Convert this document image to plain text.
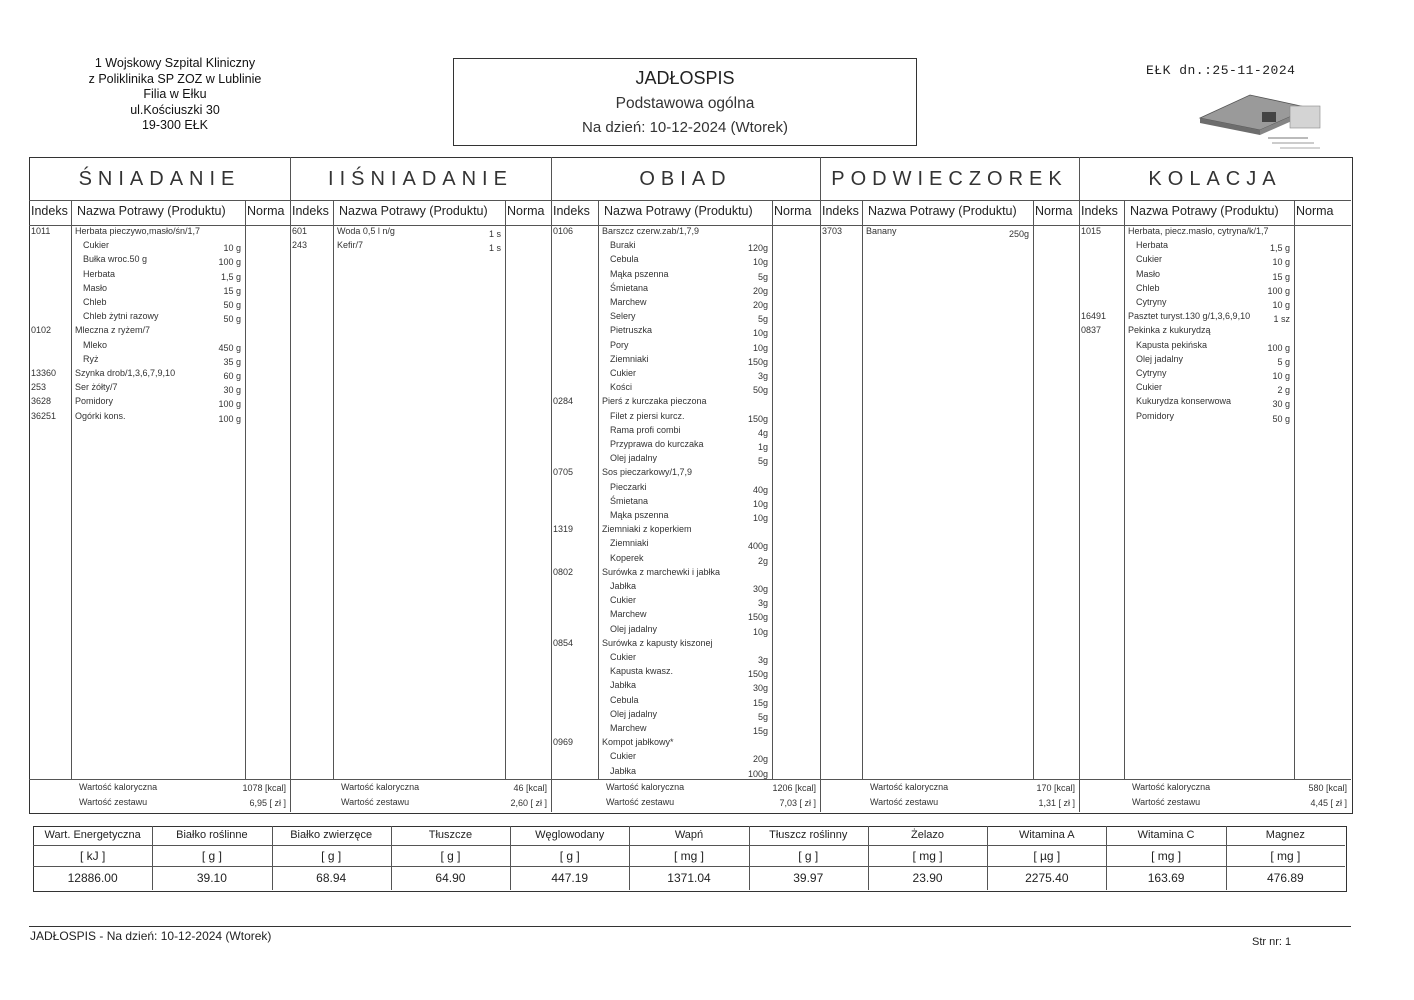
1 Wojskowy Szpital Kliniczny
z Poliklinika SP ZOZ w Lublinie
Filia w Ełku
ul.Kościuszki 30
19-300 EŁK
JADŁOSPIS
Podstawowa ogólna
Na dzień: 10-12-2024 (Wtorek)
EŁK dn.:25-11-2024
ŚNIADANIE
Indeks Nazwa Potrawy (Produktu) Norma
1011	Herbata pieczywo,masło/śn/1,7
Cukier	10 g
Bułka wroc.50 g	100 g
Herbata	1,5 g
Masło	15 g
Chleb	50 g
Chleb żytni razowy	50 g
0102	Mleczna z ryżem/7
Mleko	450 g
Ryż	35 g
13360 Szynka drob/1,3,6,7,9,10	60 g
253	Ser żółty/7	30 g
3628	Pomidory	100 g
36251 Ogórki kons.	100 g
Wartość kaloryczna	1078 [kcal]
Wartość zestawu	6,95 [ zł ]
IIŚNIADANIE
Indeks Nazwa Potrawy (Produktu) Norma
601	Woda 0,5 l n/g	1 s
243	Kefir/7	1 s
Wartość kaloryczna	46 [kcal]
Wartość zestawu	2,60 [ zł ]
OBIAD
Indeks Nazwa Potrawy (Produktu) Norma
0106	Barszcz czerw.zab/1,7,9
Buraki	120g
Cebula	10g
Mąka pszenna	5g
Śmietana	20g
Marchew	20g
Selery	5g
Pietruszka	10g
Pory	10g
Ziemniaki	150g
Cukier	3g
Kości	50g
0284	Pierś z kurczaka pieczona
Filet z piersi kurcz.	150g
Rama profi combi	4g
Przyprawa do kurczaka	1g
Olej jadalny	5g
0705	Sos pieczarkowy/1,7,9
Pieczarki	40g
Śmietana	10g
Mąka pszenna	10g
1319	Ziemniaki z koperkiem
Ziemniaki	400g
Koperek	2g
0802	Surówka z marchewki i jabłka
Jabłka	30g
Cukier	3g
Marchew	150g
Olej jadalny	10g
0854	Surówka z kapusty kiszonej
Cukier	3g
Kapusta kwasz.	150g
Jabłka	30g
Cebula	15g
Olej jadalny	5g
Marchew	15g
0969	Kompot jabłkowy*
Cukier	20g
Jabłka	100g
Wartość kaloryczna	1206 [kcal]
Wartość zestawu	7,03 [ zł ]
PODWIECZOREK
Indeks Nazwa Potrawy (Produktu) Norma
3703	Banany	250g
Wartość kaloryczna	170 [kcal]
Wartość zestawu	1,31 [ zł ]
KOLACJA
Indeks Nazwa Potrawy (Produktu) Norma
1015	Herbata, piecz.masło, cytryna/k/1,7
Herbata	1,5 g
Cukier	10 g
Masło	15 g
Chleb	100 g
Cytryny	10 g
16491 Pasztet turyst.130 g/1,3,6,9,10	1 sz
0837	Pekinka z kukurydzą
Kapusta pekińska	100 g
Olej jadalny	5 g
Cytryny	10 g
Cukier	2 g
Kukurydza konserwowa	30 g
Pomidory	50 g
Wartość kaloryczna	580 [kcal]
Wartość zestawu	4,45 [ zł ]
Wart. Energetyczna
[ kJ ]
12886.00
Białko roślinne
[ g ]
39.10
Białko zwierzęce
[ g ]
68.94
Tłuszcze
[ g ]
64.90
Węglowodany
[ g ]
447.19
Wapń
[ mg ]
1371.04
Tłuszcz roślinny
[ g ]
39.97
Żelazo
[ mg ]
23.90
Witamina A
[ µg ]
2275.40
Witamina C
[ mg ]
163.69
Magnez
[ mg ]
476.89
JADŁOSPIS - Na dzień: 10-12-2024 (Wtorek)	Str nr: 1
